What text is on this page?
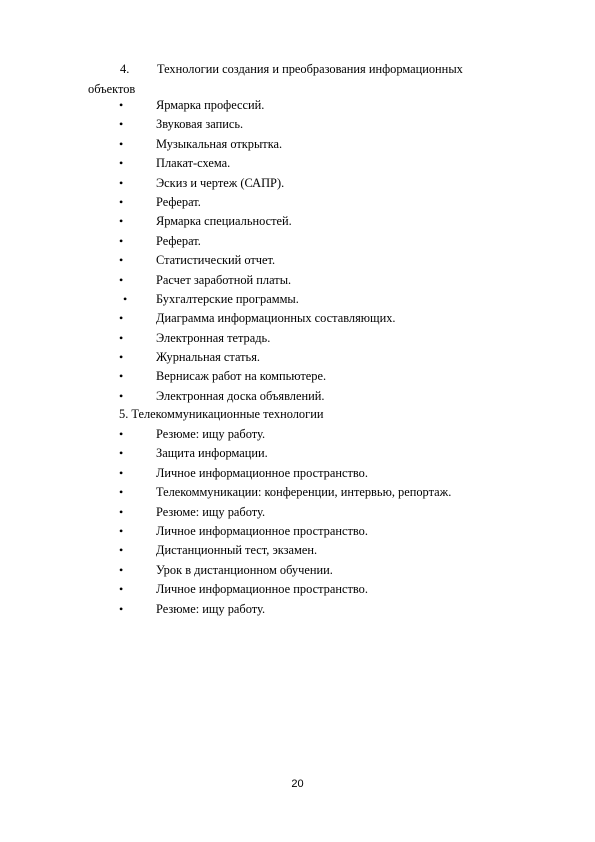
4. Технологии создания и преобразования информационных
объектов
•	Ярмарка профессий.
•	Звуковая запись.
•	Музыкальная открытка.
•	Плакат-схема.
•	Эскиз и чертеж (САПР).
•	Реферат.
•	Ярмарка специальностей.
•	Реферат.
•	Статистический отчет.
•	Расчет заработной платы.
• Бухгалтерские программы.
•	Диаграмма информационных составляющих.
•	Электронная тетрадь.
•	Журнальная статья.
•	Вернисаж работ на компьютере.
•	Электронная доска объявлений.
5. Телекоммуникационные технологии
•	Резюме: ищу работу.
•	Защита информации.
•	Личное информационное пространство.
•	Телекоммуникации: конференции, интервью, репортаж.
•	Резюме: ищу работу.
•	Личное информационное пространство.
•	Дистанционный тест, экзамен.
•	Урок в дистанционном обучении.
•	Личное информационное пространство.
•	Резюме: ищу работу.
20
